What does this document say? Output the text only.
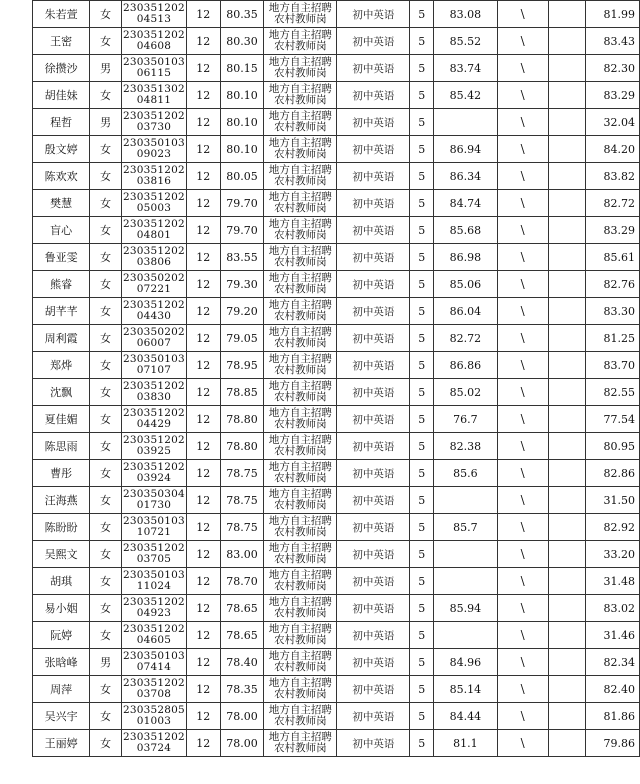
朱若萱	女	23035120204513	12	80.35	地方自主招聘农村教师岗	初中英语	5	83.08	\		81.99
王密	女	23035120204608	12	80.30	地方自主招聘农村教师岗	初中英语	5	85.52	\		83.43
徐攒沙	男	23035010306115	12	80.15	地方自主招聘农村教师岗	初中英语	5	83.74	\		82.30
胡佳妹	女	23035130204811	12	80.10	地方自主招聘农村教师岗	初中英语	5	85.42	\		83.29
程哲	男	23035120203730	12	80.10	地方自主招聘农村教师岗	初中英语	5		\		32.04
殷文婷	女	23035010309023	12	80.10	地方自主招聘农村教师岗	初中英语	5	86.94	\		84.20
陈欢欢	女	23035120203816	12	80.05	地方自主招聘农村教师岗	初中英语	5	86.34	\		83.82
樊慧	女	23035120205003	12	79.70	地方自主招聘农村教师岗	初中英语	5	84.74	\		82.72
盲心	女	23035120204801	12	79.70	地方自主招聘农村教师岗	初中英语	5	85.68	\		83.29
鲁亚雯	女	23035120203806	12	83.55	地方自主招聘农村教师岗	初中英语	5	86.98	\		85.61
熊睿	女	23035020207221	12	79.30	地方自主招聘农村教师岗	初中英语	5	85.06	\		82.76
胡芊芊	女	23035120204430	12	79.20	地方自主招聘农村教师岗	初中英语	5	86.04	\		83.30
周利霞	女	23035020206007	12	79.05	地方自主招聘农村教师岗	初中英语	5	82.72	\		81.25
郑烨	女	23035010307107	12	78.95	地方自主招聘农村教师岗	初中英语	5	86.86	\		83.70
沈飘	女	23035120203830	12	78.85	地方自主招聘农村教师岗	初中英语	5	85.02	\		82.55
夏佳媚	女	23035120204429	12	78.80	地方自主招聘农村教师岗	初中英语	5	76.7	\		77.54
陈思雨	女	23035120203925	12	78.80	地方自主招聘农村教师岗	初中英语	5	82.38	\		80.95
曹彤	女	23035120203924	12	78.75	地方自主招聘农村教师岗	初中英语	5	85.6	\		82.86
汪海燕	女	23035030401730	12	78.75	地方自主招聘农村教师岗	初中英语	5		\		31.50
陈盼盼	女	23035010310721	12	78.75	地方自主招聘农村教师岗	初中英语	5	85.7	\		82.92
吴熙文	女	23035120203705	12	83.00	地方自主招聘农村教师岗	初中英语	5		\		33.20
胡琪	女	23035010311024	12	78.70	地方自主招聘农村教师岗	初中英语	5		\		31.48
易小姻	女	23035120204923	12	78.65	地方自主招聘农村教师岗	初中英语	5	85.94	\		83.02
阮婷	女	23035120204605	12	78.65	地方自主招聘农村教师岗	初中英语	5		\		31.46
张晗峰	男	23035010307414	12	78.40	地方自主招聘农村教师岗	初中英语	5	84.96	\		82.34
周萍	女	23035120203708	12	78.35	地方自主招聘农村教师岗	初中英语	5	85.14	\		82.40
吴兴宇	女	23035280501003	12	78.00	地方自主招聘农村教师岗	初中英语	5	84.44	\		81.86
王丽婷	女	23035120203724	12	78.00	地方自主招聘农村教师岗	初中英语	5	81.1	\		79.86
